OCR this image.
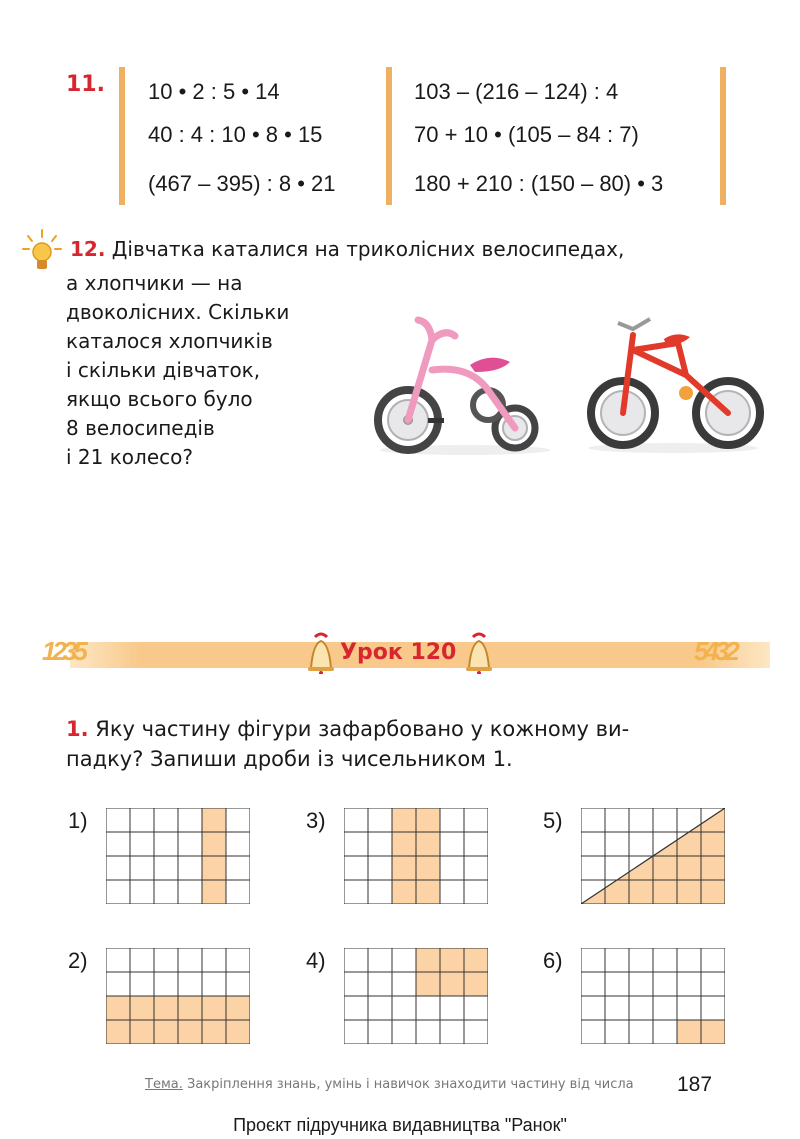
11. 10 • 2 : 5 • 14
40 : 4 : 10 • 8 • 15
(467 – 395) : 8 • 21
103 – (216 – 124) : 4
70 + 10 • (105 – 84 : 7)
180 + 210 : (150 – 80) • 3
12. Дівчатка каталися на триколісних велосипедах,
а хлопчики — на
двоколісних. Скільки
каталося хлопчиків
і скільки дівчаток,
якщо всього було
8 велосипедів
і 21 колесо?
1235	5432
Урок 120
1. Яку частину фігури зафарбовано у кожному ви-
падку? Запиши дроби із чисельником 1.
1)
2)
3)
4)
5)
6)
Тема. Закріплення знань, умінь і навичок знаходити частину від числа 187
Проєкт підручника видавництва "Ранок"
